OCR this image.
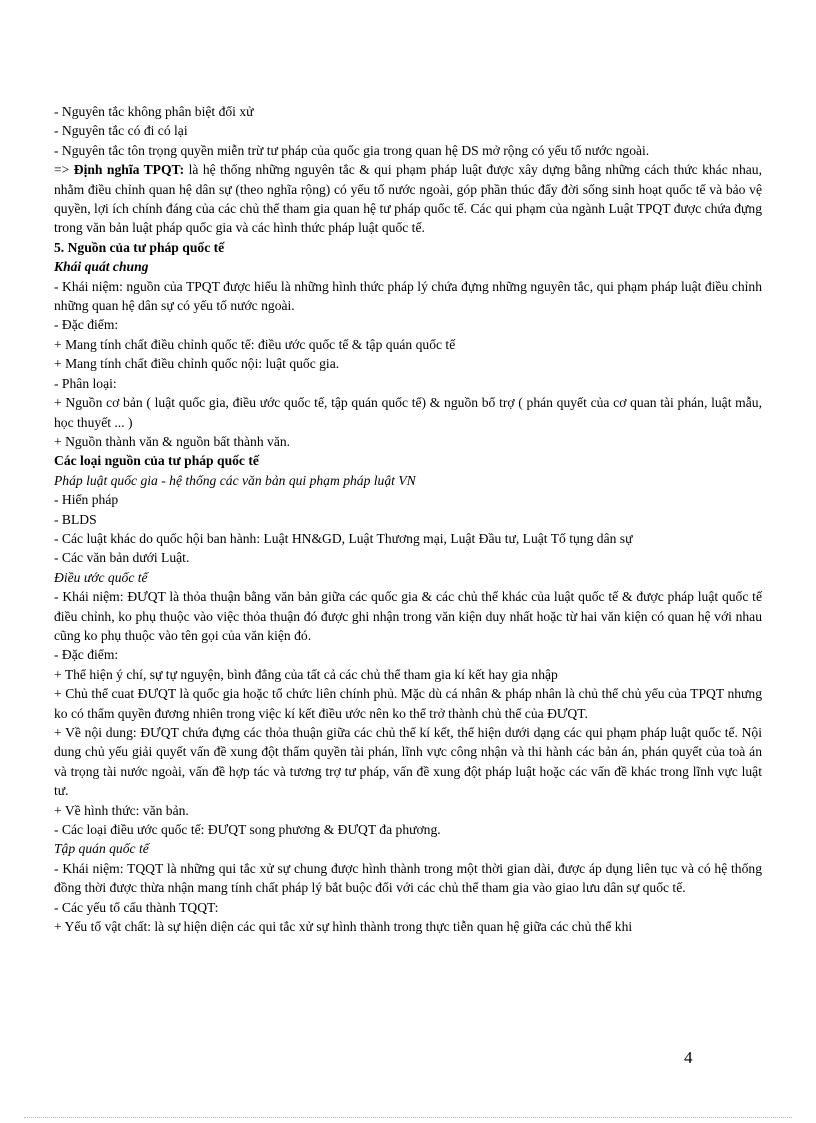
- Nguyên tắc không phân biệt đối xử

- Nguyên tắc có đi có lại

- Nguyên tắc tôn trọng quyền miễn trừ tư pháp của quốc gia trong quan hệ DS mở rộng có yếu tố nước ngoài.

=> Định nghĩa TPQT: là hệ thống những nguyên tắc & qui phạm pháp luật được xây dựng bằng những cách thức khác nhau, nhằm điều chỉnh quan hệ dân sự (theo nghĩa rộng) có yếu tố nước ngoài, góp phần thúc đẩy đời sống sinh hoạt quốc tế và bảo vệ quyền, lợi ích chính đáng của các chủ thể tham gia quan hệ tư pháp quốc tế. Các qui phạm của ngành Luật TPQT được chứa đựng trong văn bản luật pháp quốc gia và các hình thức pháp luật quốc tế.

5. Nguồn của tư pháp quốc tế

Khái quát chung

- Khái niệm: nguồn của TPQT được hiểu là những hình thức pháp lý chứa đựng những nguyên tắc, qui phạm pháp luật điều chỉnh những quan hệ dân sự có yếu tố nước ngoài.

- Đặc điểm:

+ Mang tính chất điều chỉnh quốc tế: điều ước quốc tế & tập quán quốc tế

+ Mang tính chất điều chỉnh quốc nội: luật quốc gia.

- Phân loại:

+ Nguồn cơ bản ( luật quốc gia, điều ước quốc tế, tập quán quốc tế) & nguồn bổ trợ ( phán quyết của cơ quan tài phán, luật mẫu, học thuyết ... )

+ Nguồn thành văn & nguồn bất thành văn.

Các loại nguồn của tư pháp quốc tế

Pháp luật quốc gia - hệ thống các văn bản qui phạm pháp luật VN

- Hiến pháp

- BLDS

- Các luật khác do quốc hội ban hành: Luật HN&GD, Luật Thương mại, Luật Đầu tư, Luật Tố tụng dân sự

- Các văn bản dưới Luật.

Điều ước quốc tế

- Khái niệm: ĐƯQT là thỏa thuận bằng văn bản giữa các quốc gia & các chủ thể khác của luật quốc tế & được pháp luật quốc tế điều chỉnh, ko phụ thuộc vào việc thỏa thuận đó được ghi nhận trong văn kiện duy nhất hoặc từ hai văn kiện có quan hệ với nhau cũng ko phụ thuộc vào tên gọi của văn kiện đó.

- Đặc điểm:

+ Thể hiện ý chí, sự tự nguyện, bình đẳng của tất cả các chủ thể tham gia kí kết hay gia nhập

+ Chủ thể cuat ĐƯQT là quốc gia hoặc tổ chức liên chính phủ. Mặc dù cá nhân & pháp nhân là chủ thể chủ yếu của TPQT nhưng ko có thẩm quyền đương nhiên trong việc kí kết điều ước nên ko thể trở thành chủ thể của ĐƯQT.

+ Về nội dung: ĐƯQT chứa đựng các thỏa thuận giữa các chủ thể kí kết, thể hiện dưới dạng các qui phạm pháp luật quốc tế. Nội dung chủ yếu giải quyết vấn đề xung đột thẩm quyền tài phán, lĩnh vực công nhận và thi hành các bản án, phán quyết của toà án và trọng tài nước ngoài, vấn đề hợp tác và tương trợ tư pháp, vấn đề xung đột pháp luật hoặc các vấn đề khác trong lĩnh vực luật tư.

+ Về hình thức: văn bản.

- Các loại điều ước quốc tế: ĐƯQT song phương & ĐƯQT đa phương.

Tập quán quốc tế

- Khái niệm: TQQT là những qui tắc xử sự chung được hình thành trong một thời gian dài, được áp dụng liên tục và có hệ thống đồng thời được thừa nhận mang tính chất pháp lý bắt buộc đối với các chủ thể tham gia vào giao lưu dân sự quốc tế.

- Các yếu tố cấu thành TQQT:

+ Yếu tố vật chất: là sự hiện diện các qui tắc xử sự hình thành trong thực tiễn quan hệ giữa các chủ thể khi

4
